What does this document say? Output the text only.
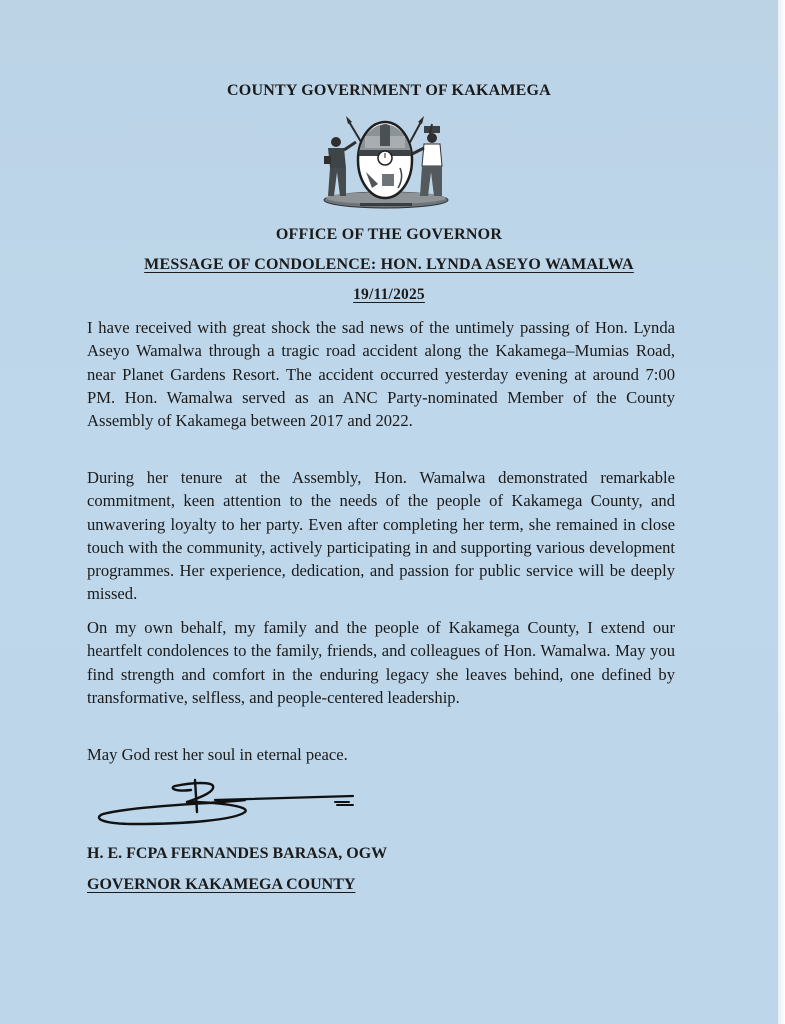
COUNTY GOVERNMENT OF KAKAMEGA
OFFICE OF THE GOVERNOR
MESSAGE OF CONDOLENCE: HON. LYNDA ASEYO WAMALWA
19/11/2025

I have received with great shock the sad news of the untimely passing of Hon. Lynda Aseyo Wamalwa through a tragic road accident along the Kakamega–Mumias Road, near Planet Gardens Resort. The accident occurred yesterday evening at around 7:00 PM. Hon. Wamalwa served as an ANC Party-nominated Member of the County Assembly of Kakamega between 2017 and 2022.

During her tenure at the Assembly, Hon. Wamalwa demonstrated remarkable commitment, keen attention to the needs of the people of Kakamega County, and unwavering loyalty to her party. Even after completing her term, she remained in close touch with the community, actively participating in and supporting various development programmes. Her experience, dedication, and passion for public service will be deeply missed.

On my own behalf, my family and the people of Kakamega County, I extend our heartfelt condolences to the family, friends, and colleagues of Hon. Wamalwa. May you find strength and comfort in the enduring legacy she leaves behind, one defined by transformative, selfless, and people-centered leadership.

May God rest her soul in eternal peace.

H. E. FCPA FERNANDES BARASA, OGW
GOVERNOR KAKAMEGA COUNTY
